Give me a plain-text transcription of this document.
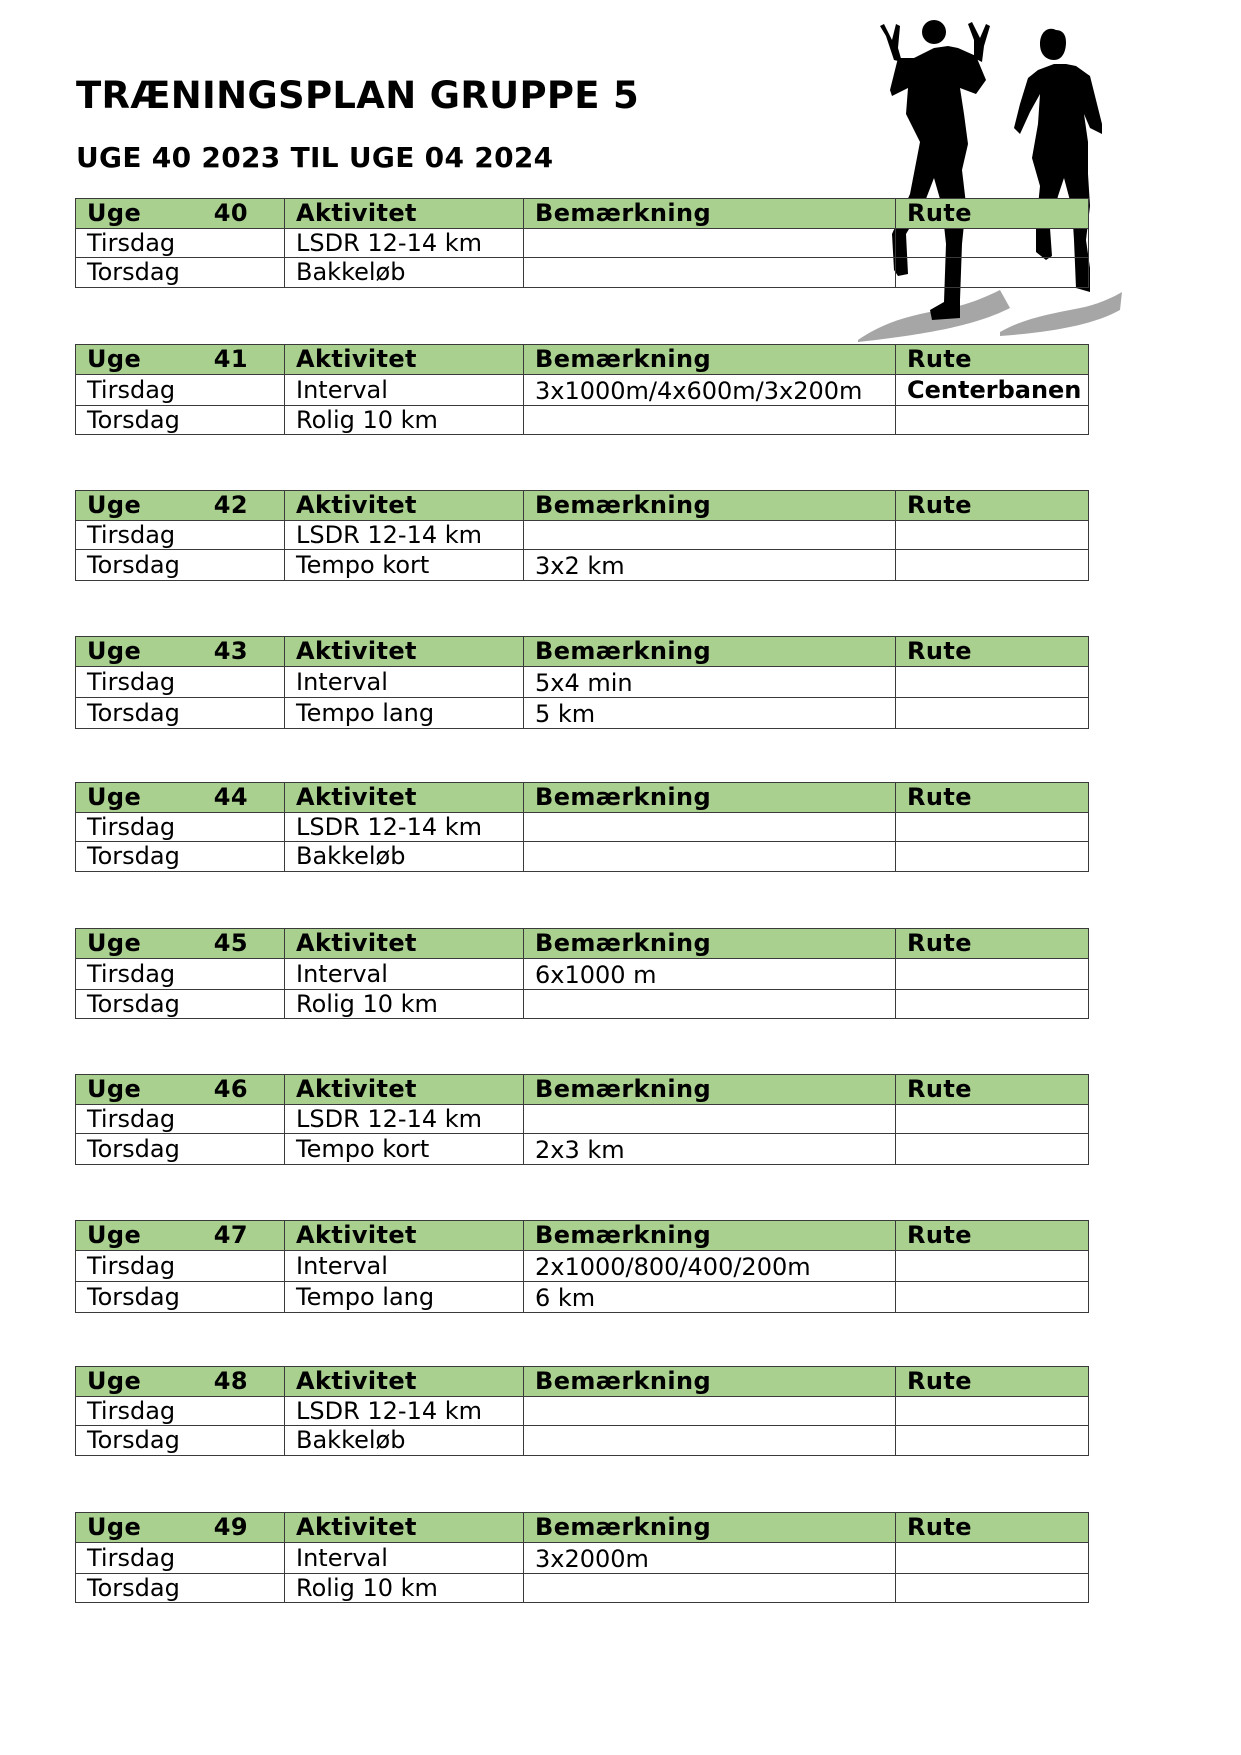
TRÆNINGSPLAN GRUPPE 5
UGE 40 2023 TIL UGE 04 2024
Uge 40	Aktivitet	Bemærkning	Rute
Tirsdag	LSDR 12-14 km		
Torsdag	Bakkeløb		
Uge 41	Aktivitet	Bemærkning	Rute
Tirsdag	Interval	3x1000m/4x600m/3x200m	Centerbanen
Torsdag	Rolig 10 km		
Uge 42	Aktivitet	Bemærkning	Rute
Tirsdag	LSDR 12-14 km		
Torsdag	Tempo kort	3x2 km	
Uge 43	Aktivitet	Bemærkning	Rute
Tirsdag	Interval	5x4 min	
Torsdag	Tempo lang	5 km	
Uge 44	Aktivitet	Bemærkning	Rute
Tirsdag	LSDR 12-14 km		
Torsdag	Bakkeløb		
Uge 45	Aktivitet	Bemærkning	Rute
Tirsdag	Interval	6x1000 m	
Torsdag	Rolig 10 km		
Uge 46	Aktivitet	Bemærkning	Rute
Tirsdag	LSDR 12-14 km		
Torsdag	Tempo kort	2x3 km	
Uge 47	Aktivitet	Bemærkning	Rute
Tirsdag	Interval	2x1000/800/400/200m	
Torsdag	Tempo lang	6 km	
Uge 48	Aktivitet	Bemærkning	Rute
Tirsdag	LSDR 12-14 km		
Torsdag	Bakkeløb		
Uge 49	Aktivitet	Bemærkning	Rute
Tirsdag	Interval	3x2000m	
Torsdag	Rolig 10 km		
